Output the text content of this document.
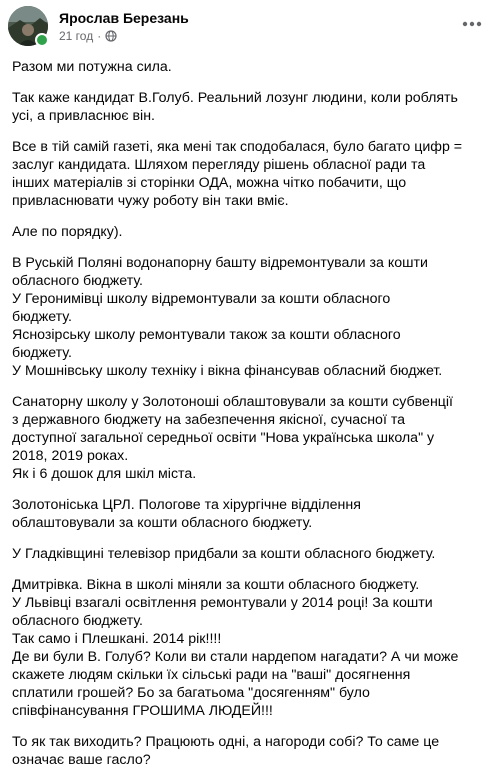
Ярослав Березань
21 год ·

Разом ми потужна сила.

Так каже кандидат В.Голуб. Реальний лозунг людини, коли роблять
усі, а привласнює він.

Все в тій самій газеті, яка мені так сподобалася, було багато цифр =
заслуг кандидата. Шляхом перегляду рішень обласної ради та
інших матеріалів зі сторінки ОДА, можна чітко побачити, що
привласнювати чужу роботу він таки вміє.

Але по порядку).

В Руській Поляні водонапорну башту відремонтували за кошти
обласного бюджету.
У Геронимівці школу відремонтували за кошти обласного
бюджету.
Яснозірську школу ремонтували також за кошти обласного
бюджету.
У Мошнівську школу техніку і вікна фінансував обласний бюджет.

Санаторну школу у Золотоноші облаштовували за кошти субвенції
з державного бюджету на забезпечення якісної, сучасної та
доступної загальної середньої освіти "Нова українська школа" у
2018, 2019 роках.
Як і 6 дошок для шкіл міста.

Золотоніська ЦРЛ. Пологове та хірургічне відділення
облаштовували за кошти обласного бюджету.

У Гладківщині телевізор придбали за кошти обласного бюджету.

Дмитрівка. Вікна в школі міняли за кошти обласного бюджету.
У Львівці взагалі освітлення ремонтували у 2014 році! За кошти
обласного бюджету.
Так само і Плешкані. 2014 рік!!!!
Де ви були В. Голуб? Коли ви стали нардепом нагадати? А чи може
скажете людям скільки їх сільські ради на "ваші" досягнення
сплатили грошей? Бо за багатьома "досягенням" було
співфінансування ГРОШИМА ЛЮДЕЙ!!!

То як так виходить? Працюють одні, а нагороди собі? То саме це
означає ваше гасло?
